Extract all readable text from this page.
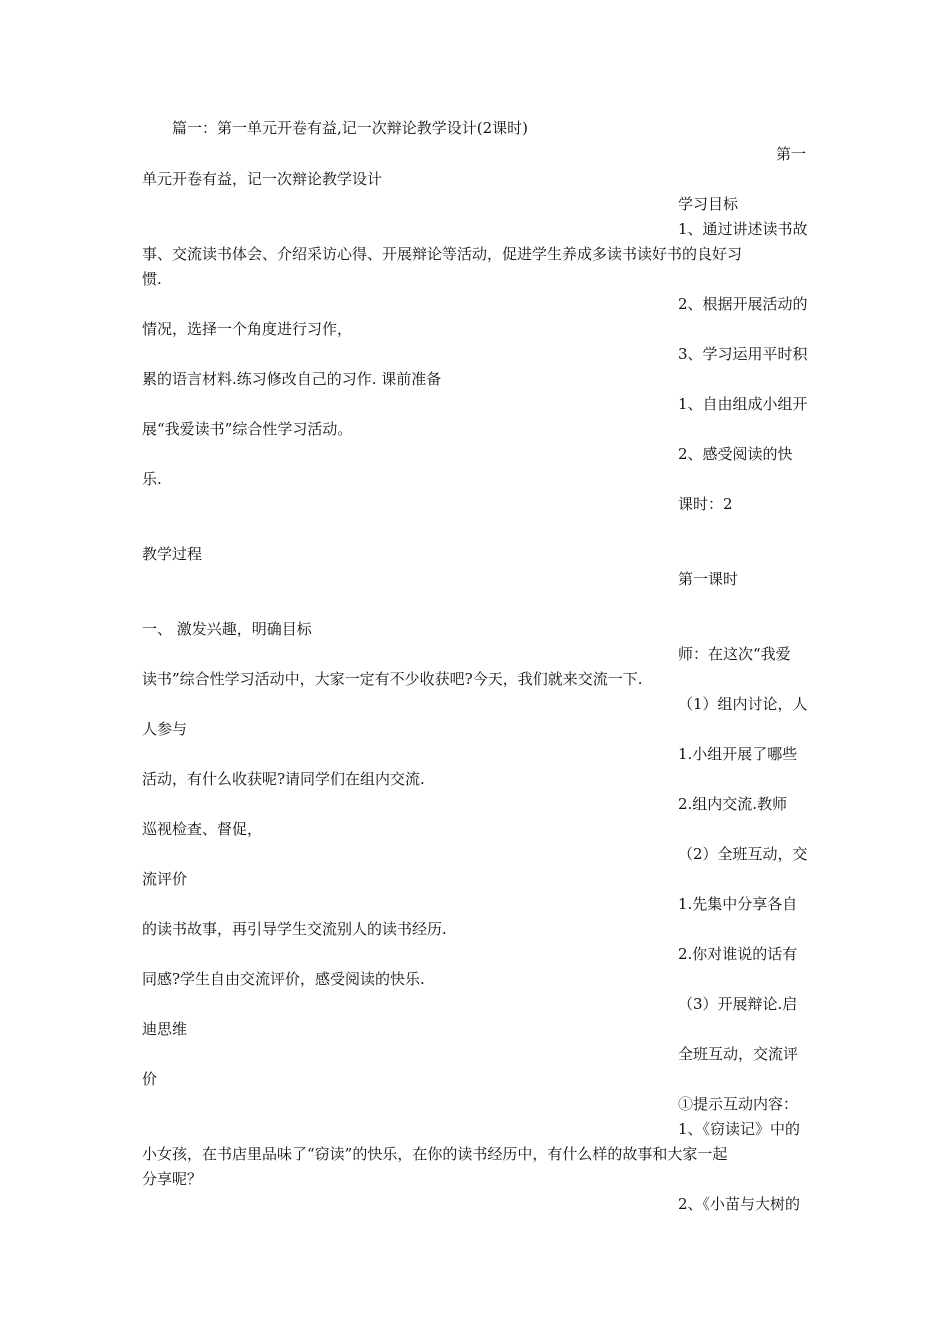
篇一：第一单元开卷有益,记一次辩论教学设计(2课时)
第一
单元开卷有益，记一次辩论教学设计
学习目标
1、通过讲述读书故
事、交流读书体会、介绍采访心得、开展辩论等活动，促进学生养成多读书读好书的良好习
惯.
2、根据开展活动的
情况，选择一个角度进行习作，
3、学习运用平时积
累的语言材料.练习修改自己的习作. 课前准备
1、自由组成小组开
展“我爱读书”综合性学习活动。
2、感受阅读的快
乐.
课时：2
教学过程
第一课时
一、 激发兴趣，明确目标
师：在这次“我爱
读书”综合性学习活动中，大家一定有不少收获吧?今天，我们就来交流一下.
（1）组内讨论，人
人参与
1.小组开展了哪些
活动，有什么收获呢?请同学们在组内交流.
2.组内交流.教师
巡视检查、督促，
（2）全班互动，交
流评价
1.先集中分享各自
的读书故事，再引导学生交流别人的读书经历.
2.你对谁说的话有
同感?学生自由交流评价，感受阅读的快乐.
（3）开展辩论.启
迪思维
全班互动，交流评
价
①提示互动内容：
1、《窃读记》中的
小女孩，在书店里品味了“窃读”的快乐，在你的读书经历中，有什么样的故事和大家一起
分享呢？
2、《小苗与大树的
